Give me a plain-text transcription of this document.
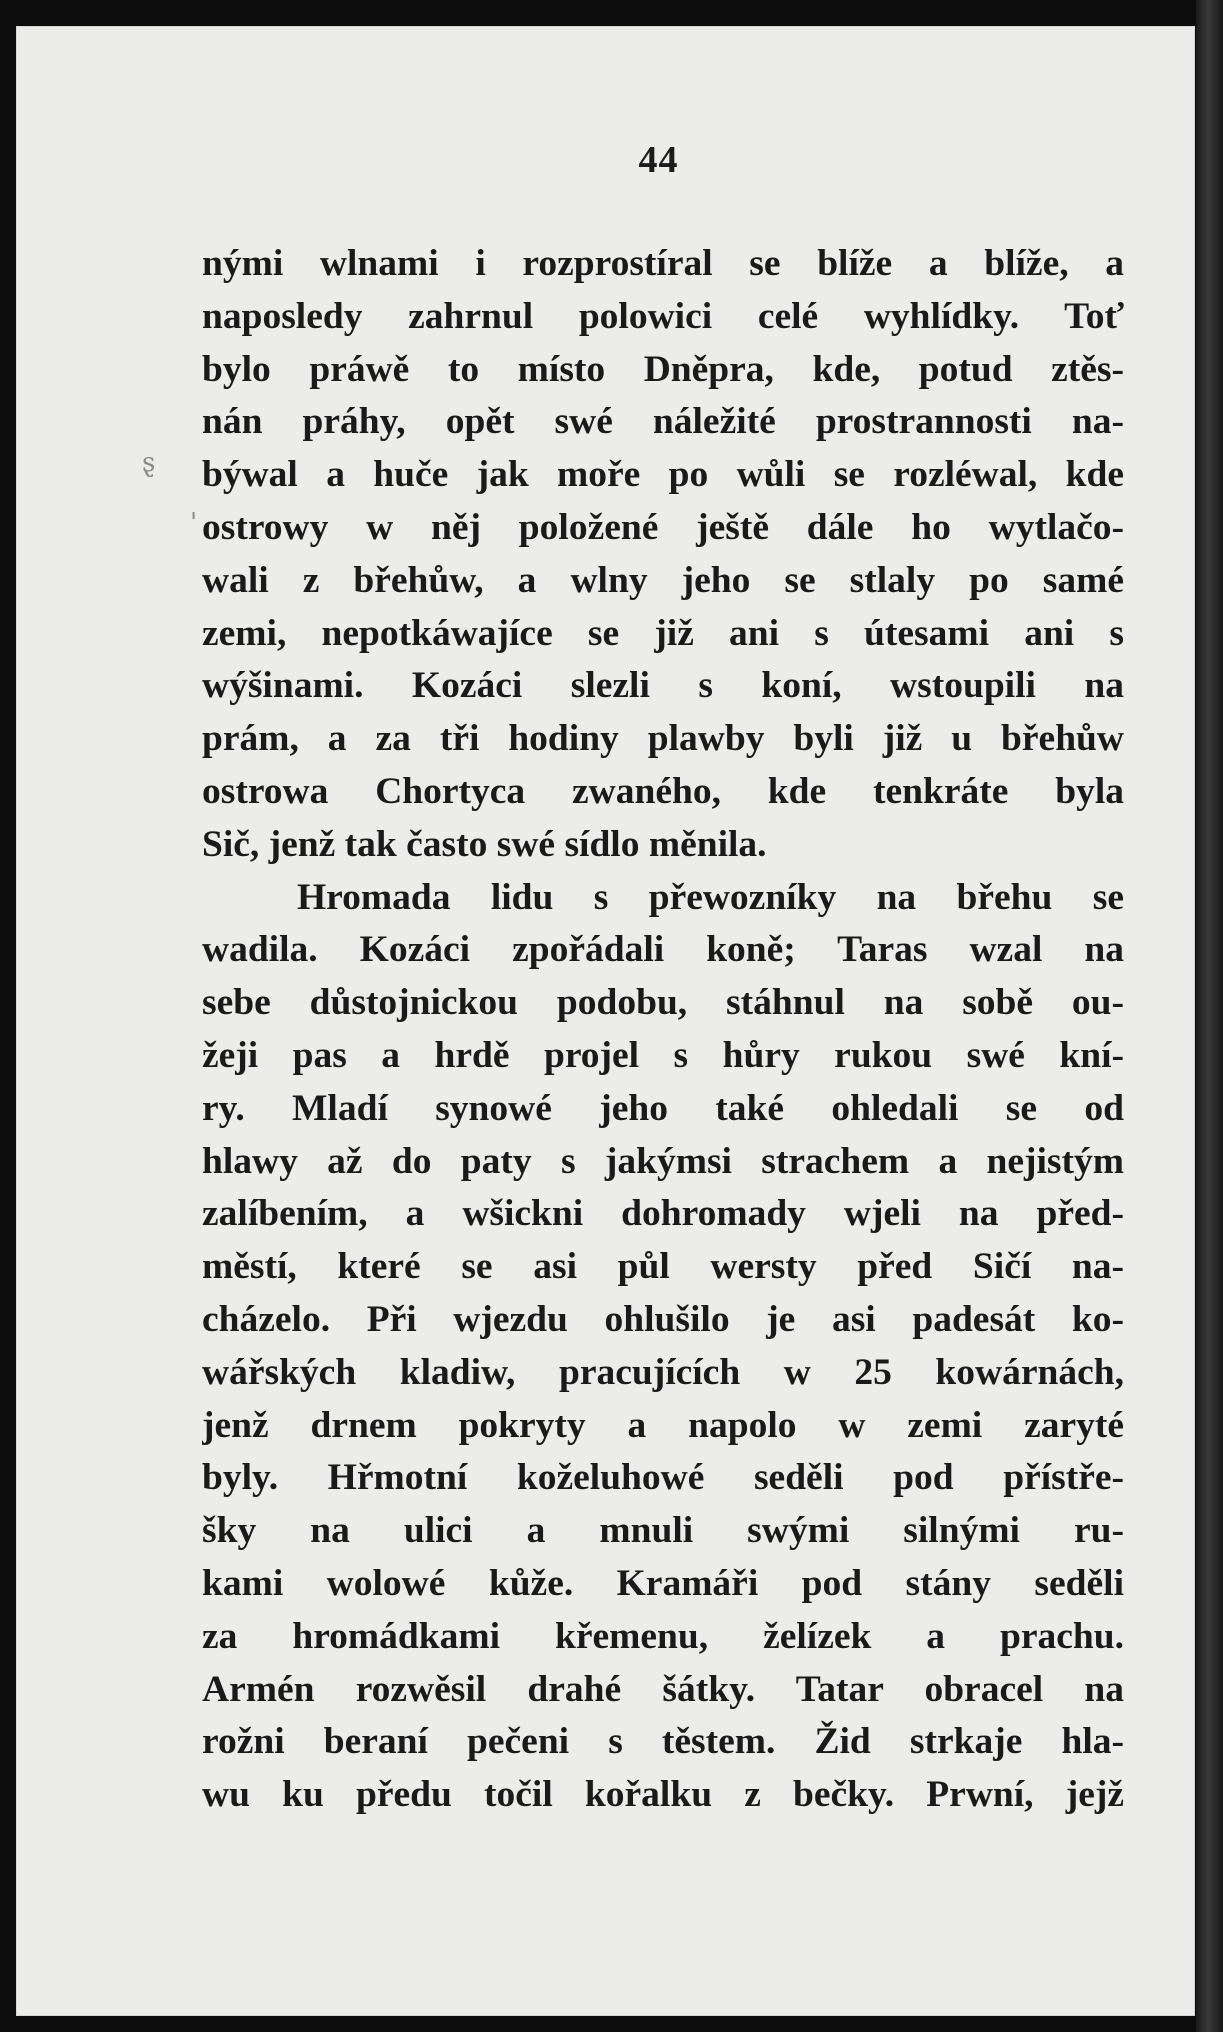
ȿ
'
44
nými wlnami i rozprostíral se blíže a blíže, a
naposledy zahrnul polowici celé wyhlídky. Toť
bylo práwě to místo Dněpra, kde, potud ztěs-
nán práhy, opět swé náležité prostrannosti na-
býwal a huče jak moře po wůli se rozléwal, kde
ostrowy w něj položené ještě dále ho wytlačo-
wali z břehůw, a wlny jeho se stlaly po samé
zemi, nepotkáwajíce se již ani s útesami ani s
wýšinami. Kozáci slezli s koní, wstoupili na
prám, a za tři hodiny plawby byli již u břehůw
ostrowa Chortyca zwaného, kde tenkráte byla
Sič, jenž tak často swé sídlo měnila.
Hromada lidu s přewozníky na břehu se
wadila. Kozáci zpořádali koně; Taras wzal na
sebe důstojnickou podobu, stáhnul na sobě ou-
žeji pas a hrdě projel s hůry rukou swé kní-
ry. Mladí synowé jeho také ohledali se od
hlawy až do paty s jakýmsi strachem a nejistým
zalíbením, a wšickni dohromady wjeli na před-
městí, které se asi půl wersty před Sičí na-
cházelo. Při wjezdu ohlušilo je asi padesát ko-
wářských kladiw, pracujících w 25 kowárnách,
jenž drnem pokryty a napolo w zemi zaryté
byly. Hřmotní koželuhowé seděli pod přístře-
šky na ulici a mnuli swými silnými ru-
kami wolowé kůže. Kramáři pod stány seděli
za hromádkami křemenu, želízek a prachu.
Armén rozwěsil drahé šátky. Tatar obracel na
rožni beraní pečeni s těstem. Žid strkaje hla-
wu ku předu točil kořalku z bečky. Prwní, jejž
